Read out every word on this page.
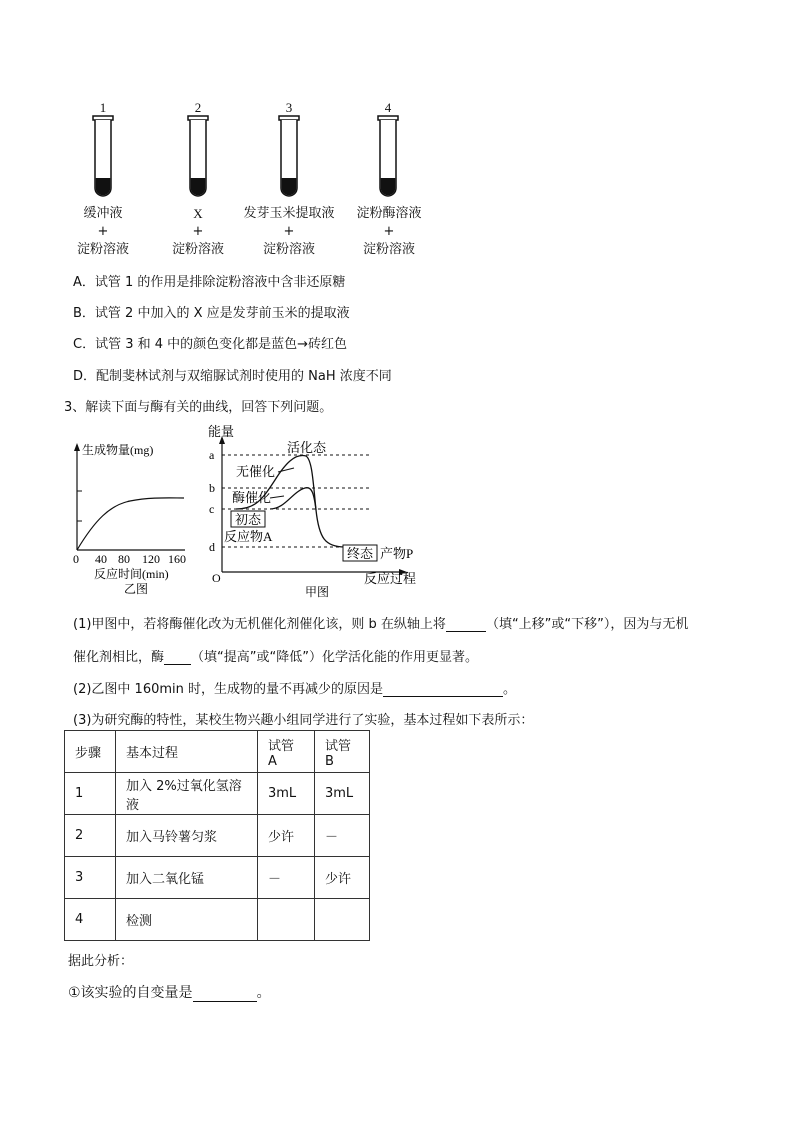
1
缓冲液
+
淀粉溶液
2
X
+
淀粉溶液
3
发芽玉米提取液
+
淀粉溶液
4
淀粉酶溶液
+
淀粉溶液
A．试管 1 的作用是排除淀粉溶液中含非还原糖
B．试管 2 中加入的 X 应是发芽前玉米的提取液
C．试管 3 和 4 中的颜色变化都是蓝色→砖红色
D．配制斐林试剂与双缩脲试剂时使用的 NaH 浓度不同
3、解读下面与酶有关的曲线，回答下列问题。
生成物量(mg)
0 40 80 120 160
反应时间(min)
乙图
能量
O
a
b
c
d
活化态
无催化
酶催化
初态
反应物A
终态 产物P
反应过程
甲图
(1)甲图中，若将酶催化改为无机催化剂催化该，则 b 在纵轴上将	（填“上移”或“下移”），因为与无机
催化剂相比，酶 （填“提高”或“降低”）化学活化能的作用更显著。
(2)乙图中 160min 时，生成物的量不再减少的原因是	。
(3)为研究酶的特性，某校生物兴趣小组同学进行了实验，基本过程如下表所示：
步骤	基本过程	试管 A	试管 B
1	加入 2%过氧化氢溶液	3mL	3mL
2	加入马铃薯匀浆	少许	－
3	加入二氧化锰	－	少许
4	检测		
据此分析：
①该实验的自变量是	。
